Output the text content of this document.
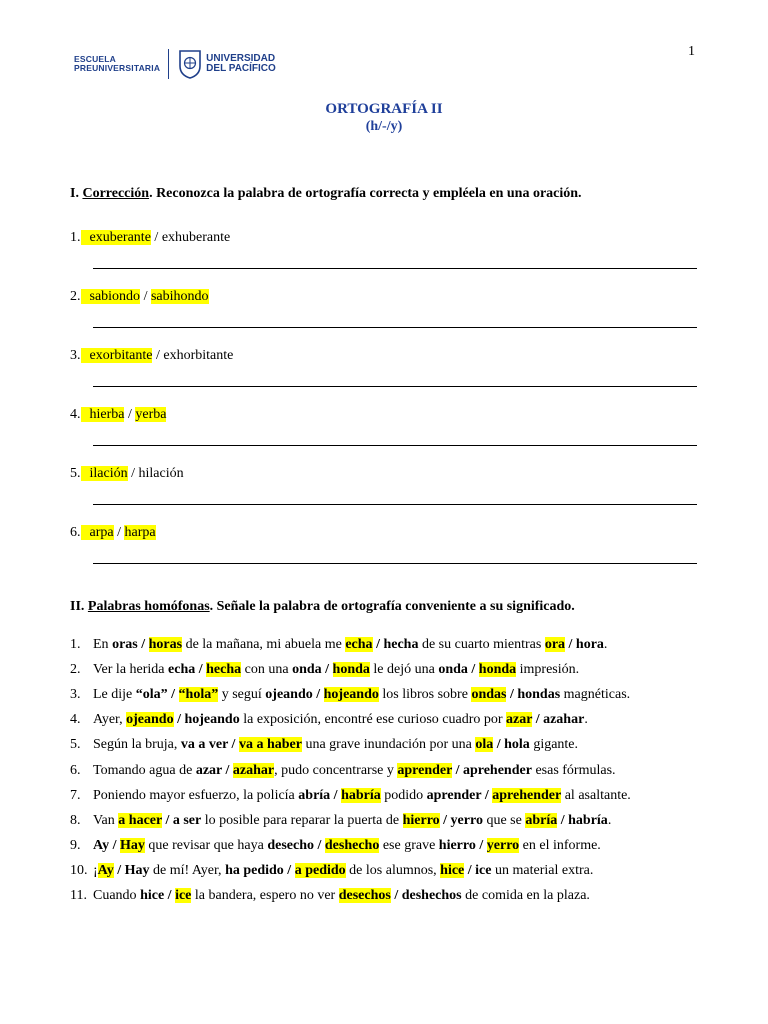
1
ESCUELA
PREUNIVERSITARIA
UNIVERSIDAD
DEL PACÍFICO
ORTOGRAFÍA II
(h/-/y)
I. Corrección. Reconozca la palabra de ortografía correcta y empléela en una oración.
1. exuberante / exhuberante
2. sabiondo / sabihondo
3. exorbitante / exhorbitante
4. hierba / yerba
5. ilación / hilación
6. arpa / harpa
II. Palabras homófonas. Señale la palabra de ortografía conveniente a su significado.
1. En oras / horas de la mañana, mi abuela me echa / hecha de su cuarto mientras ora / hora.
2. Ver la herida echa / hecha con una onda / honda le dejó una onda / honda impresión.
3. Le dije “ola” / “hola” y seguí ojeando / hojeando los libros sobre ondas / hondas magnéticas.
4. Ayer, ojeando / hojeando la exposición, encontré ese curioso cuadro por azar / azahar.
5. Según la bruja, va a ver / va a haber una grave inundación por una ola / hola gigante.
6. Tomando agua de azar / azahar, pudo concentrarse y aprender / aprehender esas fórmulas.
7. Poniendo mayor esfuerzo, la policía abría / habría podido aprender / aprehender al asaltante.
8. Van a hacer / a ser lo posible para reparar la puerta de hierro / yerro que se abría / habría.
9. Ay / Hay que revisar que haya desecho / deshecho ese grave hierro / yerro en el informe.
10. ¡Ay / Hay de mí! Ayer, ha pedido / a pedido de los alumnos, hice / ice un material extra.
11. Cuando hice / ice la bandera, espero no ver desechos / deshechos de comida en la plaza.
